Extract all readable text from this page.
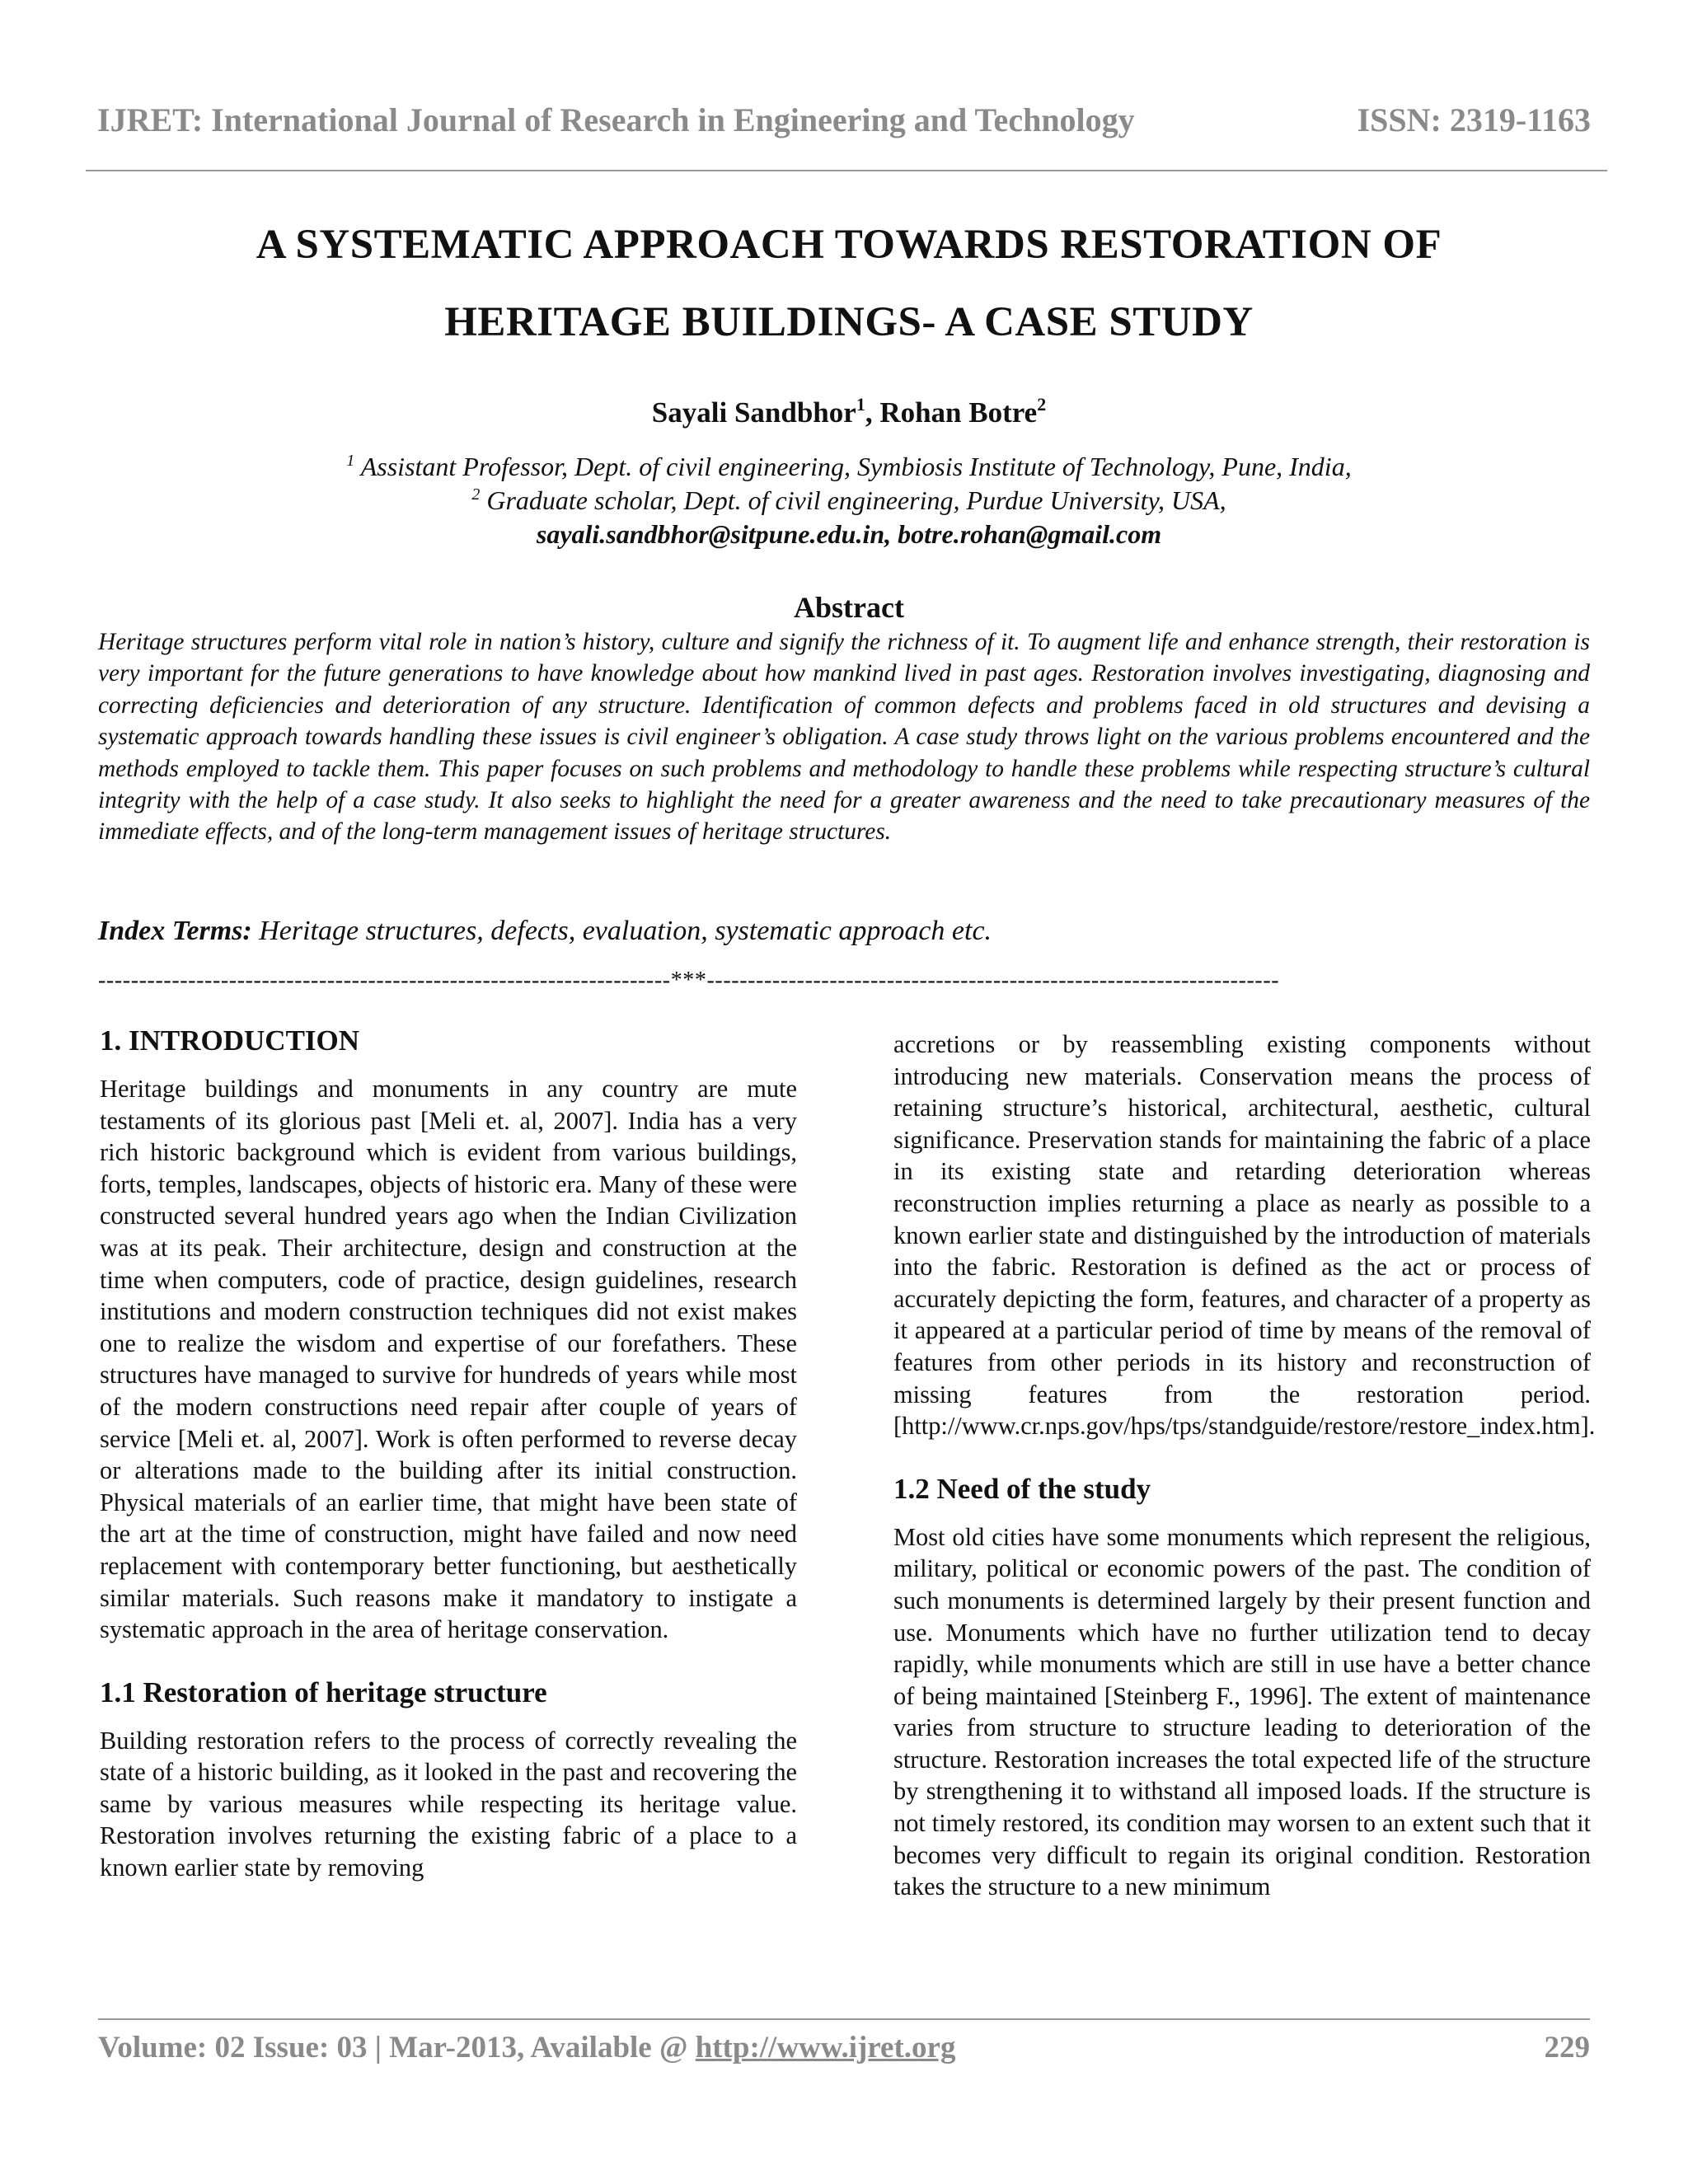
IJRET: International Journal of Research in Engineering and Technology	ISSN: 2319-1163
A SYSTEMATIC APPROACH TOWARDS RESTORATION OF
HERITAGE BUILDINGS- A CASE STUDY
Sayali Sandbhor$^1$, Rohan Botre$^2$
$^1$ Assistant Professor, Dept. of civil engineering, Symbiosis Institute of Technology, Pune, India,
$^2$ Graduate scholar, Dept. of civil engineering, Purdue University, USA,
sayali.sandbhor@sitpune.edu.in, botre.rohan@gmail.com
Abstract
Heritage structures perform vital role in nation’s history, culture and signify the richness of it. To augment life and enhance strength, their restoration is very important for the future generations to have knowledge about how mankind lived in past ages. Restoration involves investigating, diagnosing and correcting deficiencies and deterioration of any structure. Identification of common defects and problems faced in old structures and devising a systematic approach towards handling these issues is civil engineer’s obligation. A case study throws light on the various problems encountered and the methods employed to tackle them. This paper focuses on such problems and methodology to handle these problems while respecting structure’s cultural integrity with the help of a case study. It also seeks to highlight the need for a greater awareness and the need to take precautionary measures of the immediate effects, and of the long-term management issues of heritage structures.
Index Terms: Heritage structures, defects, evaluation, systematic approach etc.
----------------------------------------------------------------------***----------------------------------------------------------------------
1. INTRODUCTION

Heritage buildings and monuments in any country are mute testaments of its glorious past [Meli et. al, 2007]. India has a very rich historic background which is evident from various buildings, forts, temples, landscapes, objects of historic era. Many of these were constructed several hundred years ago when the Indian Civilization was at its peak. Their architecture, design and construction at the time when computers, code of practice, design guidelines, research institutions and modern construction techniques did not exist makes one to realize the wisdom and expertise of our forefathers. These structures have managed to survive for hundreds of years while most of the modern constructions need repair after couple of years of service [Meli et. al, 2007]. Work is often performed to reverse decay or alterations made to the building after its initial construction. Physical materials of an earlier time, that might have been state of the art at the time of construction, might have failed and now need replacement with contemporary better functioning, but aesthetically similar materials. Such reasons make it mandatory to instigate a systematic approach in the area of heritage conservation.

1.1 Restoration of heritage structure

Building restoration refers to the process of correctly revealing the state of a historic building, as it looked in the past and recovering the same by various measures while respecting its heritage value. Restoration involves returning the existing fabric of a place to a known earlier state by removing

accretions or by reassembling existing components without introducing new materials. Conservation means the process of retaining structure’s historical, architectural, aesthetic, cultural significance. Preservation stands for maintaining the fabric of a place in its existing state and retarding deterioration whereas reconstruction implies returning a place as nearly as possible to a known earlier state and distinguished by the introduction of materials into the fabric. Restoration is defined as the act or process of accurately depicting the form, features, and character of a property as it appeared at a particular period of time by means of the removal of features from other periods in its history and reconstruction of missing features from the restoration period. [http://www.cr.nps.gov/hps/tps/standguide/restore/restore_index.htm].

1.2 Need of the study

Most old cities have some monuments which represent the religious, military, political or economic powers of the past. The condition of such monuments is determined largely by their present function and use. Monuments which have no further utilization tend to decay rapidly, while monuments which are still in use have a better chance of being maintained [Steinberg F., 1996]. The extent of maintenance varies from structure to structure leading to deterioration of the structure. Restoration increases the total expected life of the structure by strengthening it to withstand all imposed loads. If the structure is not timely restored, its condition may worsen to an extent such that it becomes very difficult to regain its original condition. Restoration takes the structure to a new minimum

Volume: 02 Issue: 03 | Mar-2013, Available @ http://www.ijret.org	229
